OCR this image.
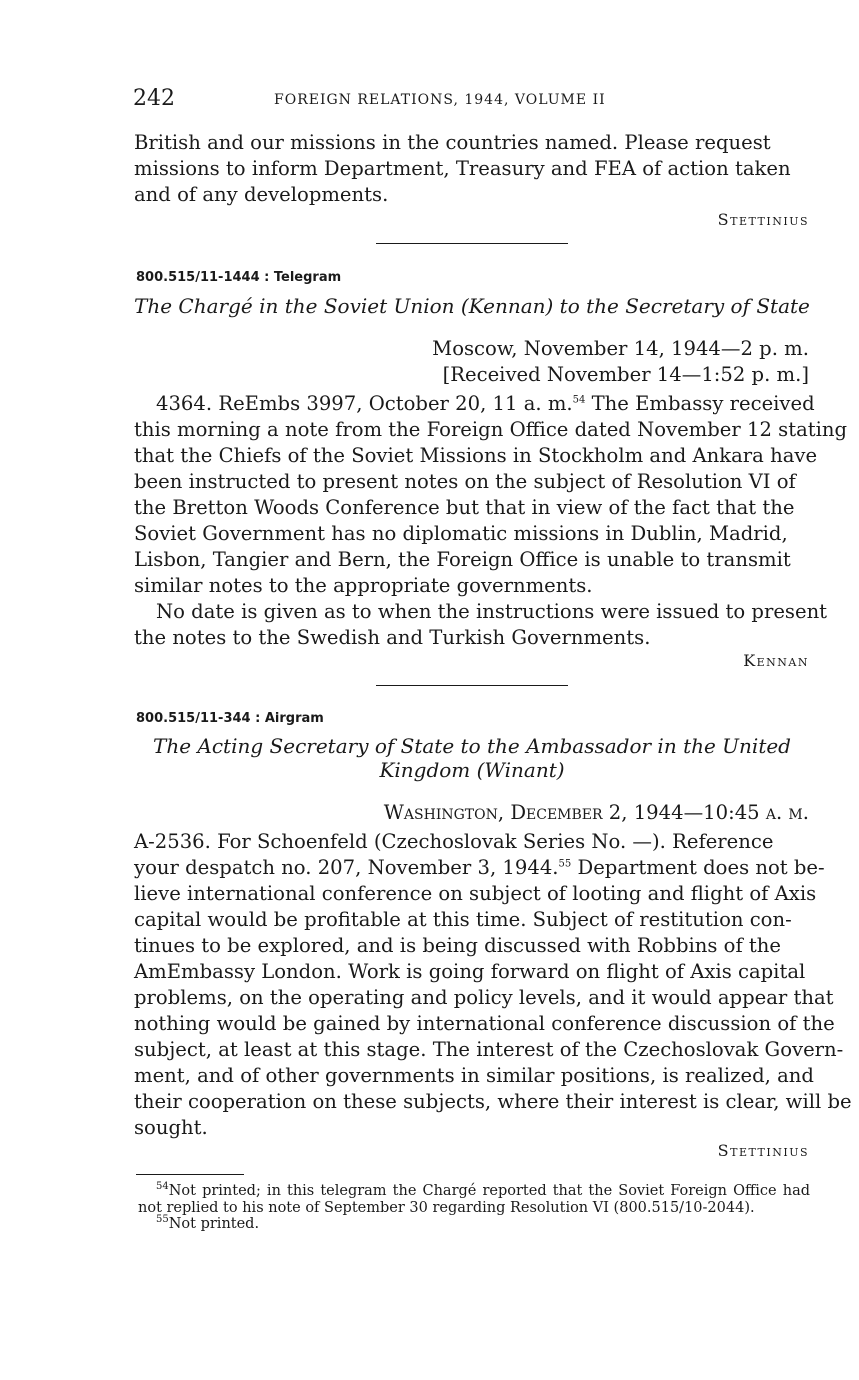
242	FOREIGN RELATIONS, 1944, VOLUME II
British and our missions in the countries named. Please request
missions to inform Department, Treasury and FEA of action taken
and of any developments.
Stettinius
800.515/11-1444 : Telegram
The Chargé in the Soviet Union (Kennan) to the Secretary of State
Moscow, November 14, 1944—2 p. m.
[Received November 14—1:52 p. m.]
4364. ReEmbs 3997, October 20, 11 a. m.$^{54}$ The Embassy received
this morning a note from the Foreign Office dated November 12 stating
that the Chiefs of the Soviet Missions in Stockholm and Ankara have
been instructed to present notes on the subject of Resolution VI of
the Bretton Woods Conference but that in view of the fact that the
Soviet Government has no diplomatic missions in Dublin, Madrid,
Lisbon, Tangier and Bern, the Foreign Office is unable to transmit
similar notes to the appropriate governments.
No date is given as to when the instructions were issued to present
the notes to the Swedish and Turkish Governments.
Kennan
800.515/11-344 : Airgram
The Acting Secretary of State to the Ambassador in the United
Kingdom (Winant)
Washington, December 2, 1944—10:45 a. m.
A-2536. For Schoenfeld (Czechoslovak Series No. —). Reference
your despatch no. 207, November 3, 1944.55 Department does not be-
lieve international conference on subject of looting and flight of Axis
capital would be profitable at this time. Subject of restitution con-
tinues to be explored, and is being discussed with Robbins of the
AmEmbassy London. Work is going forward on flight of Axis capital
problems, on the operating and policy levels, and it would appear that
nothing would be gained by international conference discussion of the
subject, at least at this stage. The interest of the Czechoslovak Govern-
ment, and of other governments in similar positions, is realized, and
their cooperation on these subjects, where their interest is clear, will be
sought.
Stettinius
$^{54}$Not printed; in this telegram the Chargé reported that the Soviet Foreign Office had not replied to his note of September 30 regarding Resolution VI (800.515/10-2044).
$^{55}$Not printed.
